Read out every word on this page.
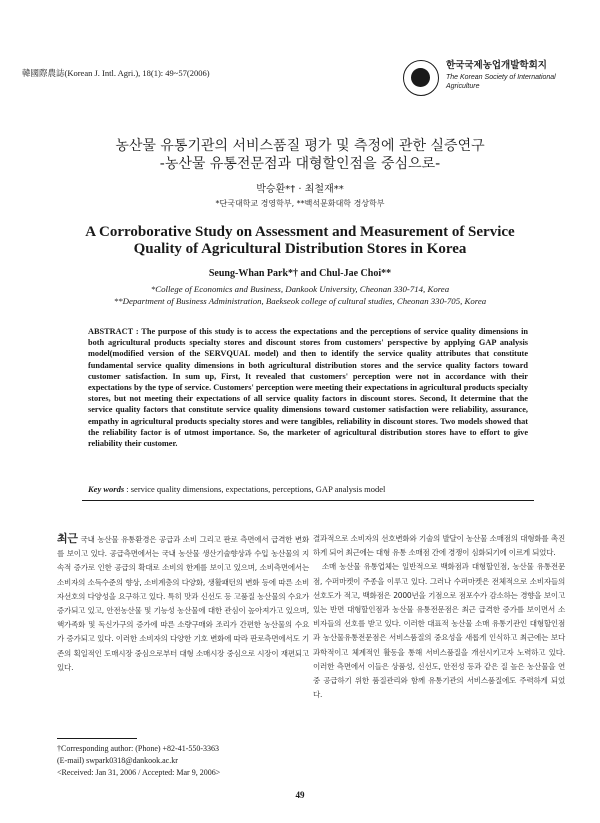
韓國際農誌(Korean J. Intl. Agri.), 18(1): 49~57(2006)
한국국제농업개발학회지
The Korean Society of International Agriculture
농산물 유통기관의 서비스품질 평가 및 측정에 관한 실증연구
-농산물 유통전문점과 대형할인점을 중심으로-
박승환*† · 최철재**
*단국대학교 경영학부, **백석문화대학 경상학부
A Corroborative Study on Assessment and Measurement of Service
Quality of Agricultural Distribution Stores in Korea
Seung-Whan Park*† and Chul-Jae Choi**
*College of Economics and Business, Dankook University, Cheonan 330-714, Korea
**Department of Business Administration, Baekseok college of cultural studies, Cheonan 330-705, Korea
ABSTRACT : The purpose of this study is to access the expectations and the perceptions of service quality dimensions in both agricultural products specialty stores and discount stores from customers' perspective by applying GAP analysis model(modified version of the SERVQUAL model) and then to identify the service quality attributes that constitute fundamental service quality dimensions in both agricultural distribution stores and the service quality factors toward customer satisfaction. In sum up, First, It revealed that customers' perception were not in accordance with their expectations by the type of service. Customers' perception were meeting their expectations in agricultural products specialty stores, but not meeting their expectations of all service quality factors in discount stores. Second, It determine that the service quality factors that constitute service quality dimensions toward customer satisfaction were reliability, assurance, empathy in agricultural products specialty stores and were tangibles, reliability in discount stores. Two models showed that the reliability factor is of utmost importance. So, the marketer of agricultural distribution stores have to effort to give reliability their customer.
Key words : service quality dimensions, expectations, perceptions, GAP analysis model

최근 국내 농산물 유통환경은 공급과 소비 그리고 판로 측면에서 급격한 변화를 보이고 있다. 공급측면에서는 국내 농산물 생산기술향상과 수입 농산물의 지속적 증가로 인한 공급의 확대로 소비의 한계를 보이고 있으며, 소비측면에서는 소비자의 소득수준의 향상, 소비계층의 다양화, 생활패턴의 변화 등에 따른 소비자선호의 다양성을 요구하고 있다. 특히 맛과 신선도 등 고품질 농산물의 수요가 증가되고 있고, 안전농산물 및 기능성 농산물에 대한 관심이 높아져가고 있으며, 핵가족화 및 독신가구의 증가에 따른 소량구매와 조리가 간편한 농산물의 수요가 증가되고 있다. 이러한 소비자의 다양한 기호 변화에 따라 판로측면에서도 기존의 획일적인 도매시장 중심으로부터 대형 소매시장 중심으로 시장이 재편되고 있다.

결과적으로 소비자의 선호변화와 기술의 발달이 농산물 소매점의 대형화를 촉진하게 되어 최근에는 대형 유통 소매점 간에 경쟁이 심화되기에 이르게 되었다.

소매 농산물 유통업체는 일반적으로 백화점과 대형할인점, 농산물 유통전문점, 수퍼마켓이 주종을 이루고 있다. 그러나 수퍼마켓은 전체적으로 소비자들의 선호도가 적고, 백화점은 2000년을 기점으로 점포수가 감소하는 경향을 보이고 있는 반면 대형할인점과 농산물 유통전문점은 최근 급격한 증가를 보이면서 소비자들의 선호를 받고 있다. 이러한 대표적 농산물 소매 유통기관인 대형할인점과 농산물유통전문점은 서비스품질의 중요성을 새롭게 인식하고 최근에는 보다 과학적이고 체계적인 활동을 통해 서비스품질을 개선시키고자 노력하고 있다. 이러한 측면에서 이들은 상품성, 신선도, 안전성 등과 같은 질 높은 농산물을 연중 공급하기 위한 품질관리와 함께 유통기관의 서비스품질에도 주력하게 되었다.

†Corresponding author: (Phone) +82-41-550-3363
(E-mail) swpark0318@dankook.ac.kr
<Received: Jan 31, 2006 / Accepted: Mar 9, 2006>
49
